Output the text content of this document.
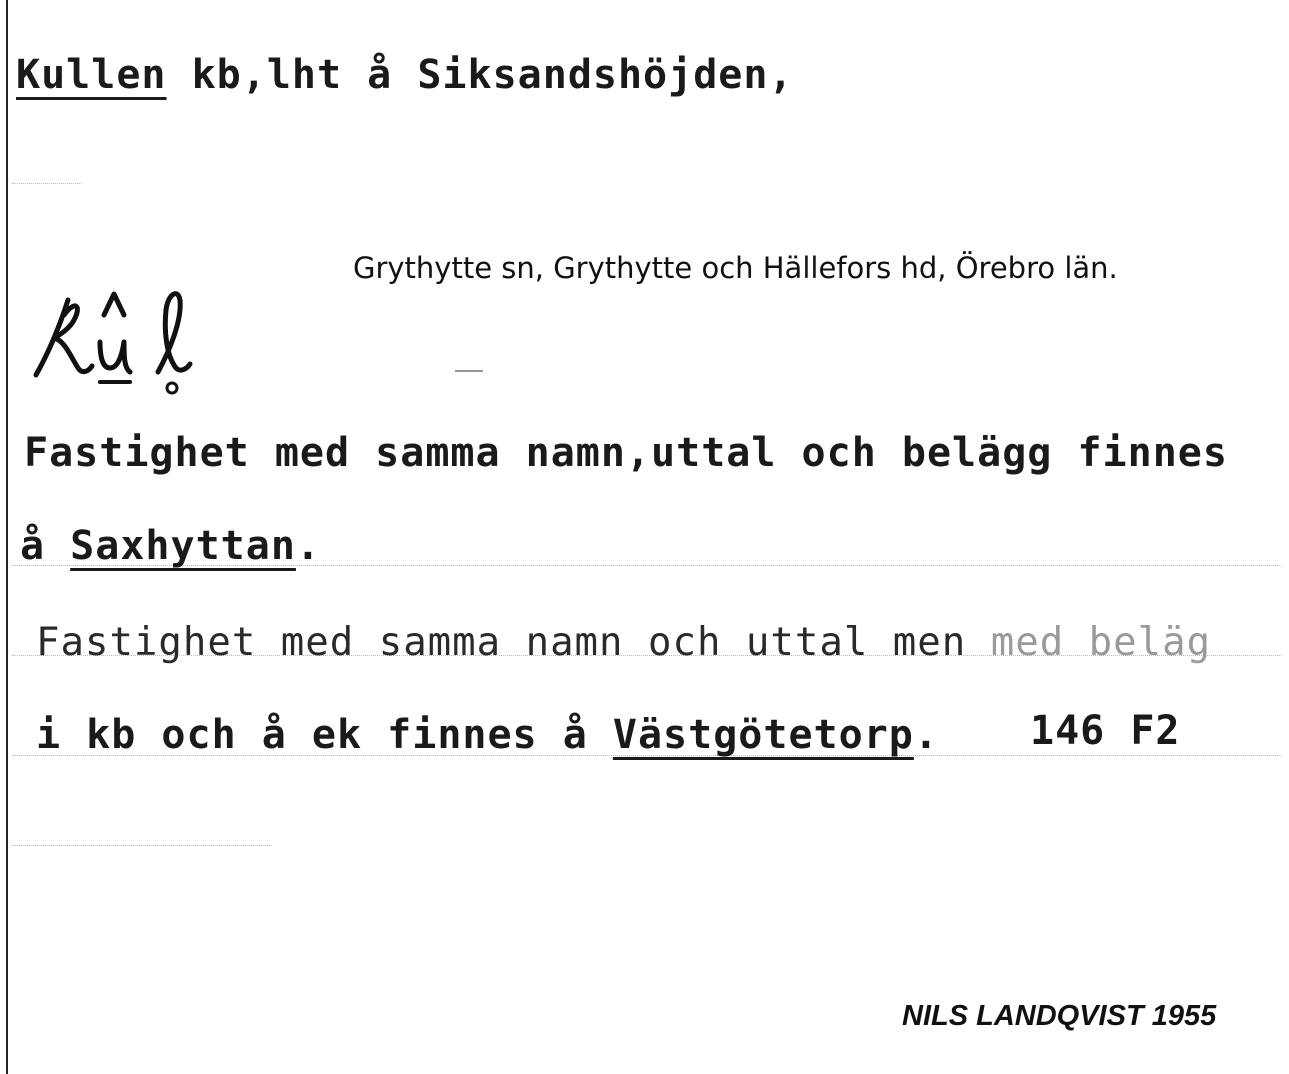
Kullen kb,lht å Siksandshöjden,
Grythytte sn, Grythytte och Hällefors hd, Örebro län.
Fastighet med samma namn,uttal och belägg finnes
å Saxhyttan.
Fastighet med samma namn och uttal men med beläg
i kb och å ek finnes å Västgötetorp. 146 F2
NILS LANDQVIST 1955
